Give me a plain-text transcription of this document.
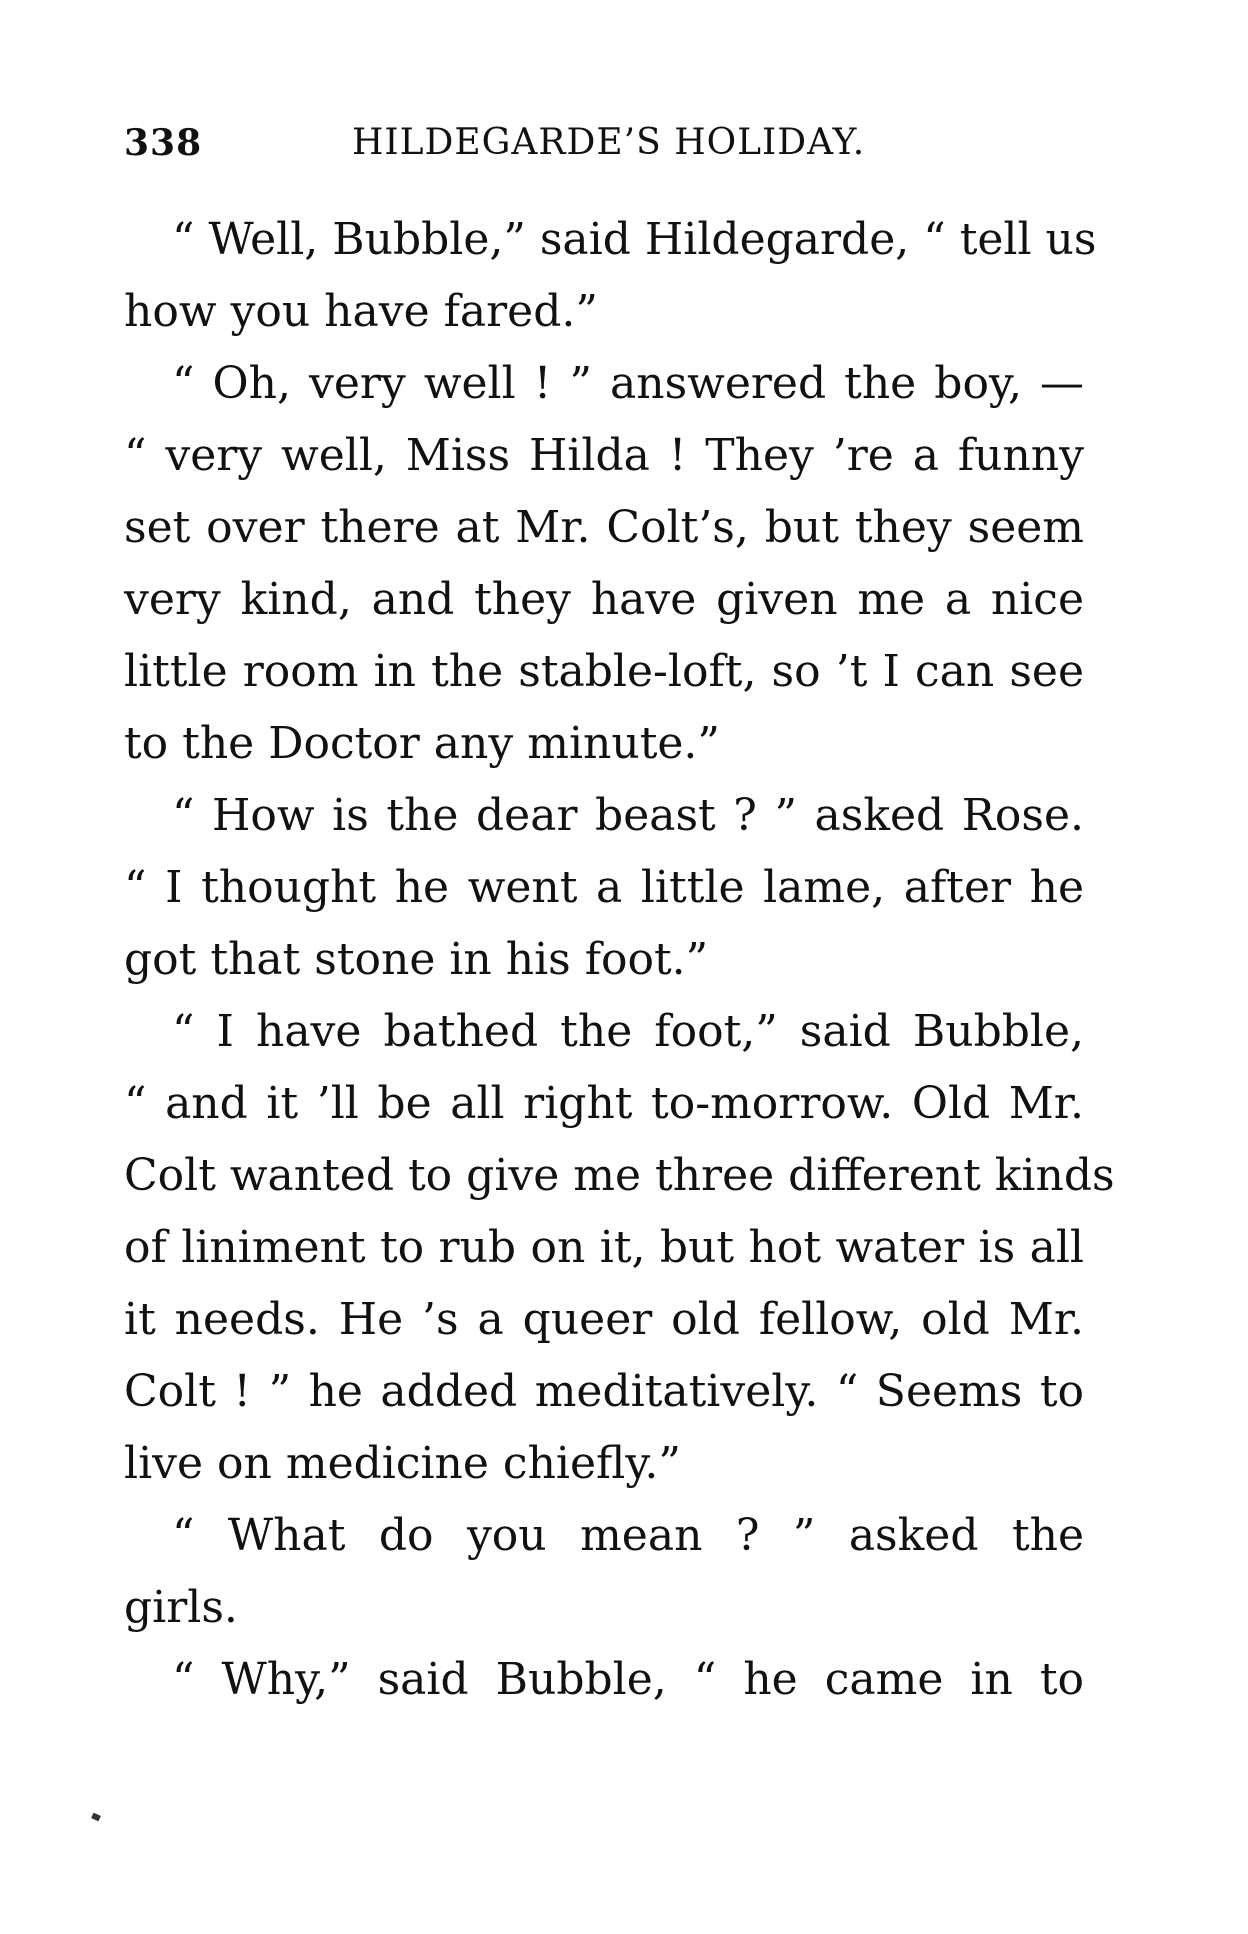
338	HILDEGARDE’S HOLIDAY.
“ Well, Bubble,” said Hildegarde, “ tell us
how you have fared.”
“ Oh, very well ! ” answered the boy, —
“ very well, Miss Hilda ! They ’re a funny
set over there at Mr. Colt’s, but they seem
very kind, and they have given me a nice
little room in the stable-loft, so ’t I can see
to the Doctor any minute.”
“ How is the dear beast ? ” asked Rose.
“ I thought he went a little lame, after he
got that stone in his foot.”
“ I have bathed the foot,” said Bubble,
“ and it ’ll be all right to-morrow. Old Mr.
Colt wanted to give me three different kinds
of liniment to rub on it, but hot water is all
it needs. He ’s a queer old fellow, old Mr.
Colt ! ” he added meditatively. “ Seems to
live on medicine chiefly.”
“ What do you mean ? ” asked the
girls.
“ Why,” said Bubble, “ he came in to
